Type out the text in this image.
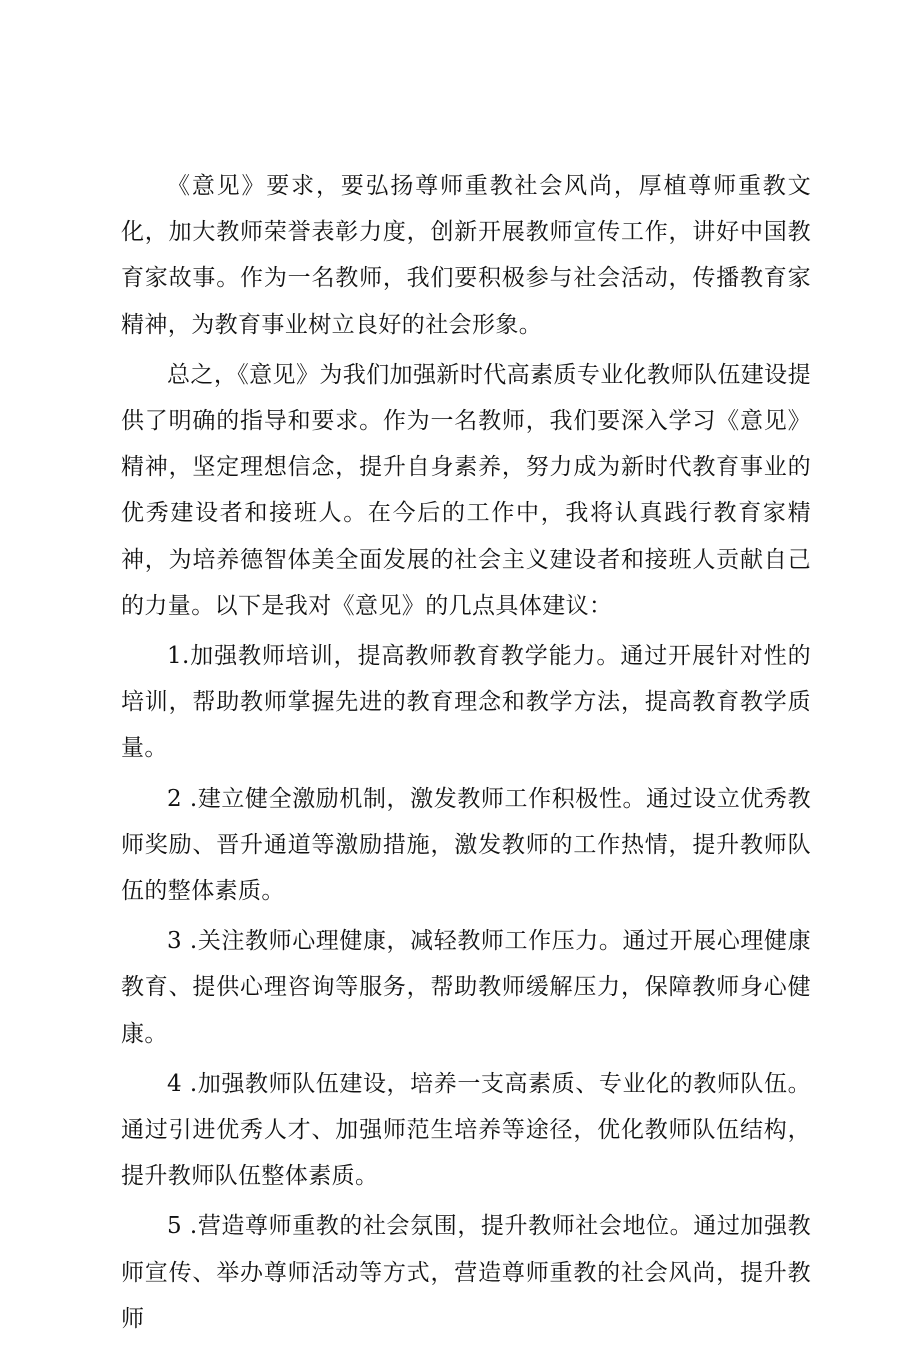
《意见》要求，要弘扬尊师重教社会风尚，厚植尊师重教文化，加大教师荣誉表彰力度，创新开展教师宣传工作，讲好中国教育家故事。作为一名教师，我们要积极参与社会活动，传播教育家精神，为教育事业树立良好的社会形象。

总之，《意见》为我们加强新时代高素质专业化教师队伍建设提供了明确的指导和要求。作为一名教师，我们要深入学习《意见》精神，坚定理想信念，提升自身素养，努力成为新时代教育事业的优秀建设者和接班人。在今后的工作中，我将认真践行教育家精神，为培养德智体美全面发展的社会主义建设者和接班人贡献自己的力量。以下是我对《意见》的几点具体建议：

1.加强教师培训，提高教师教育教学能力。通过开展针对性的培训，帮助教师掌握先进的教育理念和教学方法，提高教育教学质量。

2 .建立健全激励机制，激发教师工作积极性。通过设立优秀教师奖励、晋升通道等激励措施，激发教师的工作热情，提升教师队伍的整体素质。

3 .关注教师心理健康，减轻教师工作压力。通过开展心理健康教育、提供心理咨询等服务，帮助教师缓解压力，保障教师身心健康。

4 .加强教师队伍建设，培养一支高素质、专业化的教师队伍。通过引进优秀人才、加强师范生培养等途径，优化教师队伍结构，提升教师队伍整体素质。

5 .营造尊师重教的社会氛围，提升教师社会地位。通过加强教师宣传、举办尊师活动等方式，营造尊师重教的社会风尚，提升教师
